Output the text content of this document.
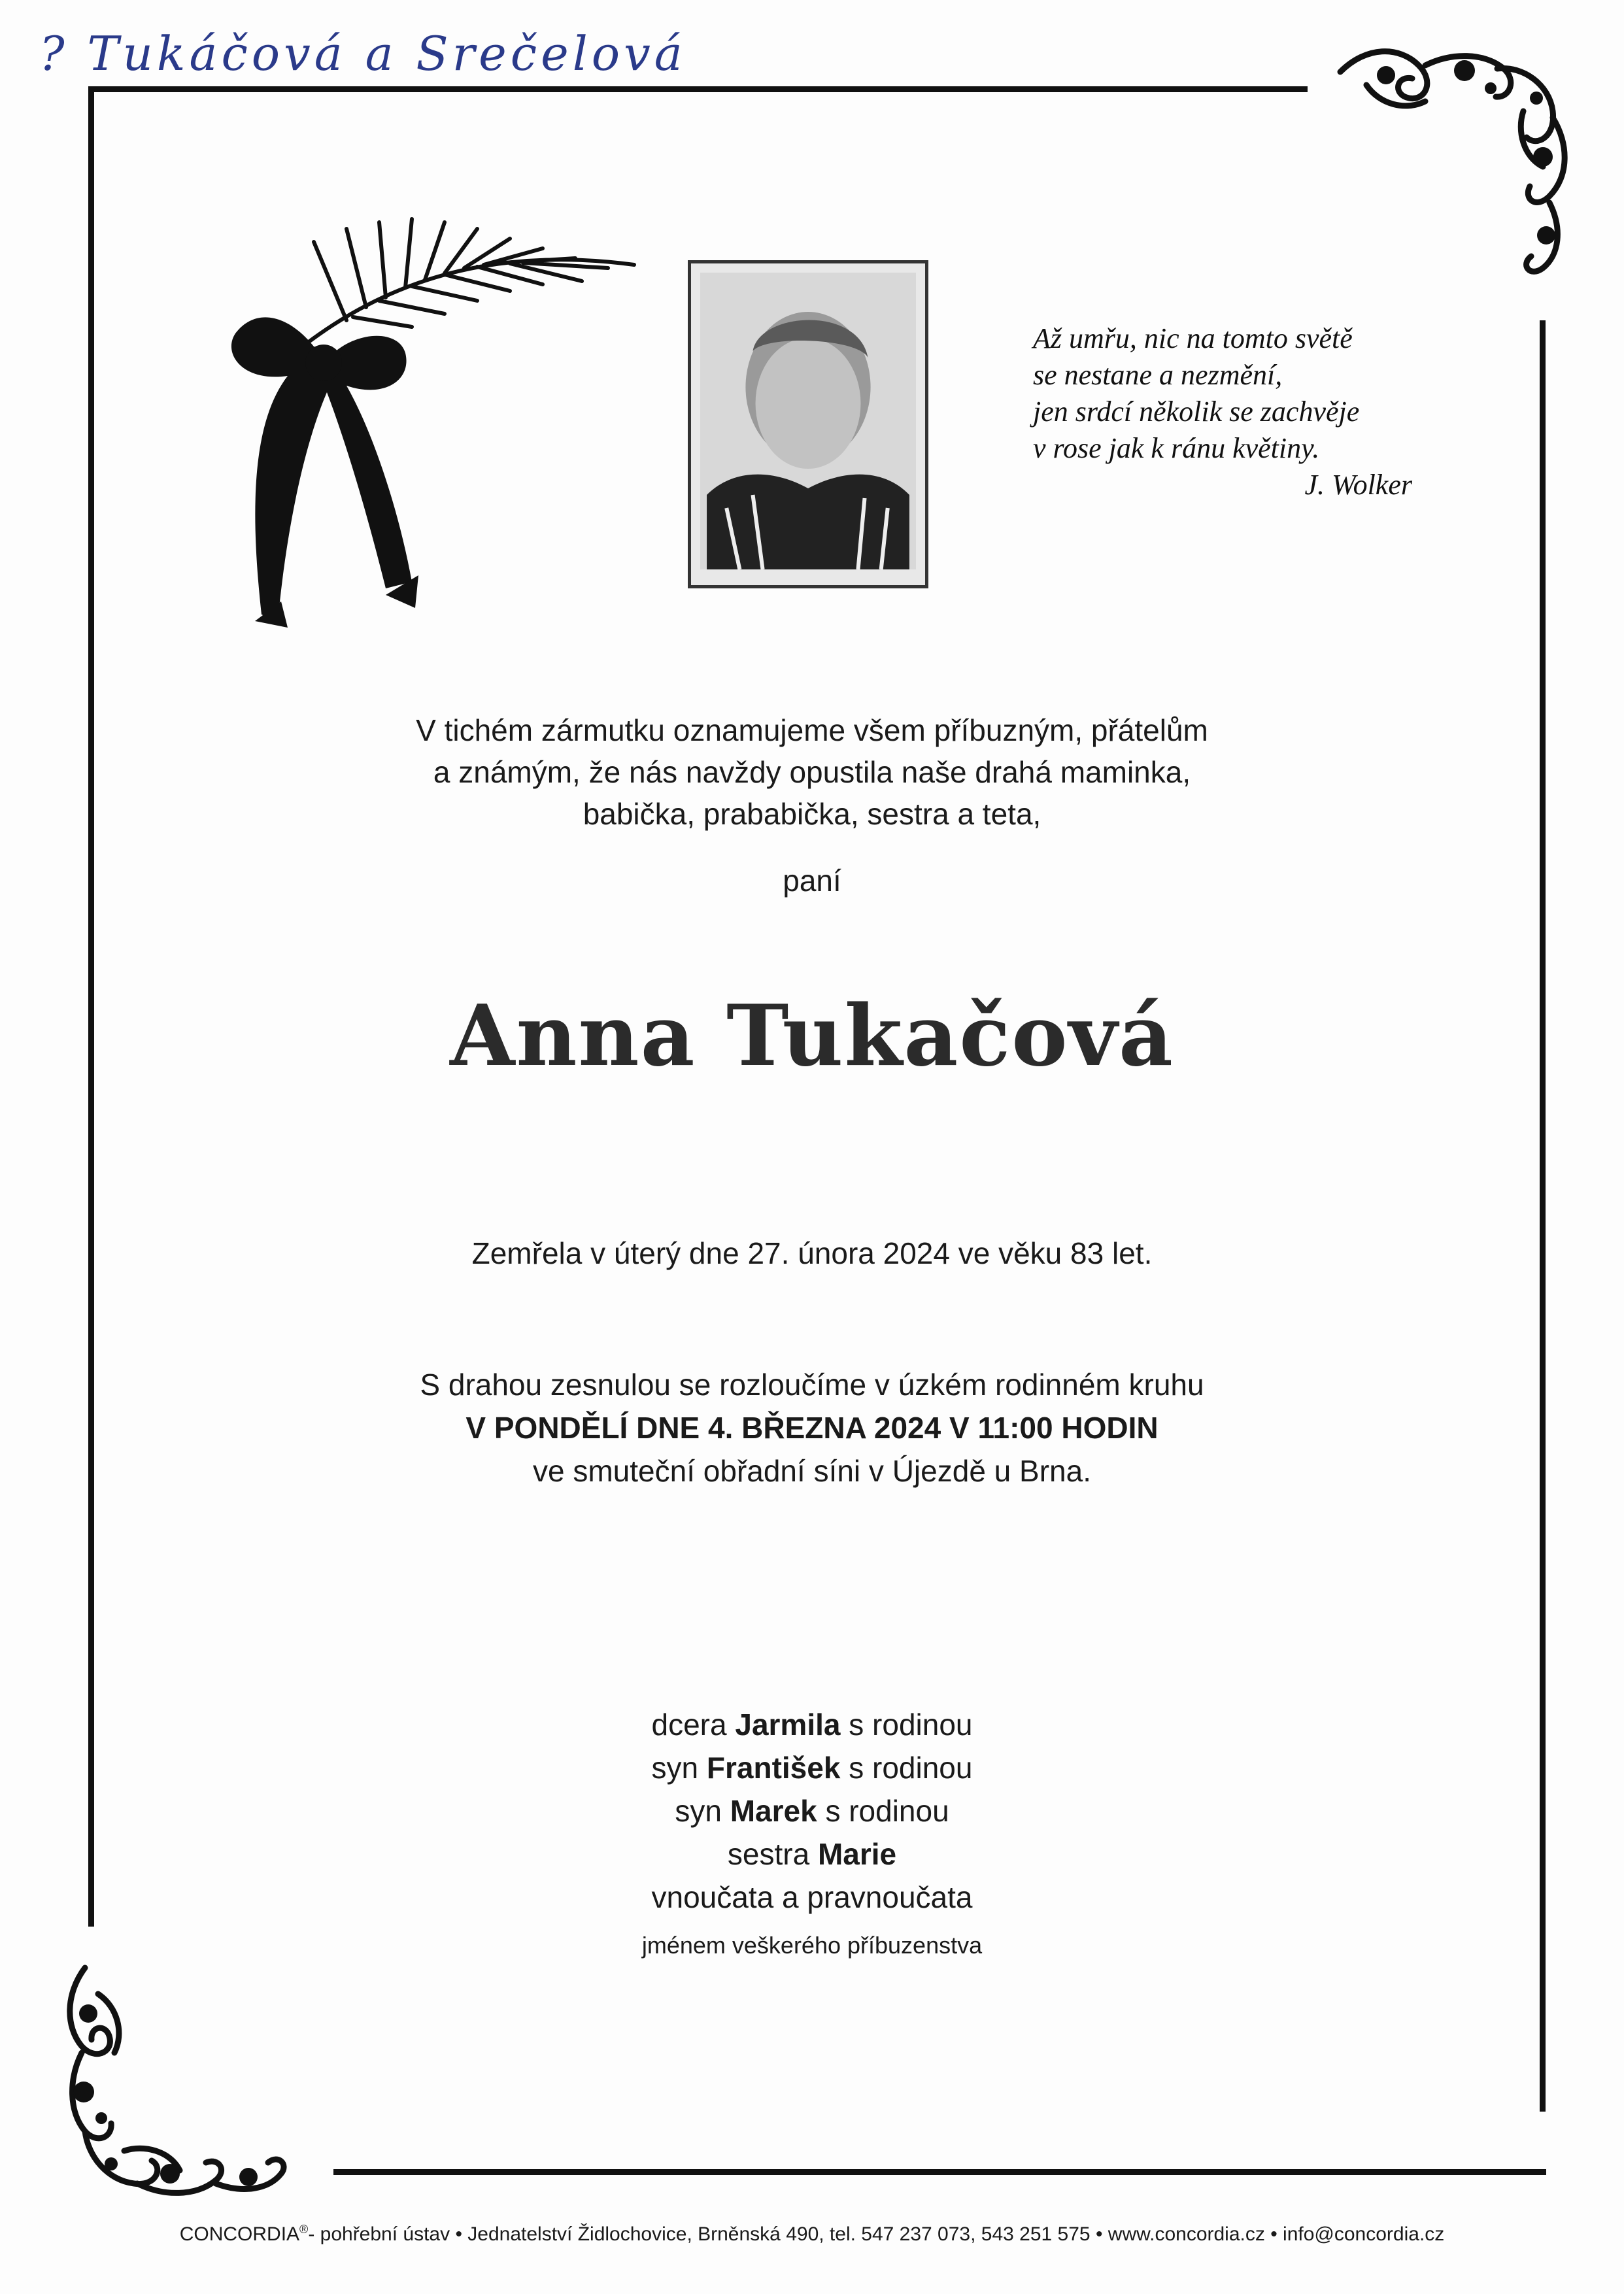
? Tukáčová a Srečelová
Až umřu, nic na tomto světě
se nestane a nezmění,
jen srdcí několik se zachvěje
v rose jak k ránu květiny.
J. Wolker
V tichém zármutku oznamujeme všem příbuzným, přátelům
a známým, že nás navždy opustila naše drahá maminka,
babička, prababička, sestra a teta,
paní
Anna Tukačová
Zemřela v úterý dne 27. února 2024 ve věku 83 let.
S drahou zesnulou se rozloučíme v úzkém rodinném kruhu
V PONDĚLÍ DNE 4. BŘEZNA 2024 V 11:00 HODIN
ve smuteční obřadní síni v Újezdě u Brna.
dcera Jarmila s rodinou
syn František s rodinou
syn Marek s rodinou
sestra Marie
vnoučata a pravnoučata
jménem veškerého příbuzenstva
CONCORDIA®- pohřební ústav • Jednatelství Židlochovice, Brněnská 490, tel. 547 237 073, 543 251 575 • www.concordia.cz • info@concordia.cz
